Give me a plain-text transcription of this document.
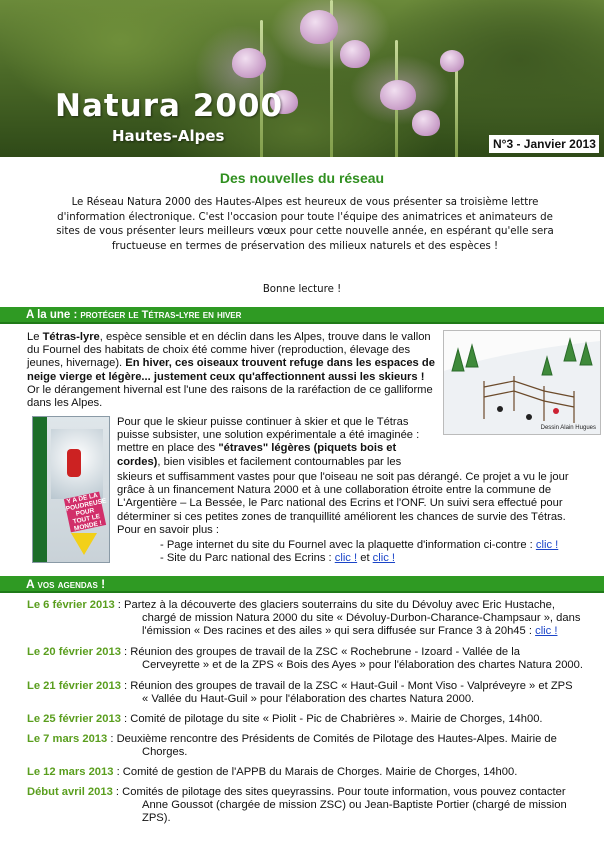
Natura 2000
Hautes-Alpes	N°3 - Janvier 2013
Des nouvelles du réseau

Le Réseau Natura 2000 des Hautes-Alpes est heureux de vous présenter sa troisième lettre d'information électronique. C'est l'occasion pour toute l'équipe des animatrices et animateurs de sites de vous présenter leurs meilleurs vœux pour cette nouvelle année, en espérant qu'elle sera fructueuse en termes de préservation des milieux naturels et des espèces !

Bonne lecture !
A la une : protéger le Tétras-lyre en hiver
Le Tétras-lyre, espèce sensible et en déclin dans les Alpes, trouve dans le vallon du Fournel des habitats de choix été comme hiver (reproduction, élevage des jeunes, hivernage). En hiver, ces oiseaux trouvent refuge dans les espaces de neige vierge et légère... justement ceux qu'affectionnent aussi les skieurs ! Or le dérangement hivernal est l'une des raisons de la raréfaction de ce galliforme dans les Alpes.
Dessin Alain Hugues
Y A DE LA POUDREUSE POUR TOUT LE MONDE !
Pour que le skieur puisse continuer à skier et que le Tétras puisse subsister, une solution expérimentale a été imaginée : mettre en place des "étraves" légères (piquets bois et cordes), bien visibles et facilement contournables par les
skieurs et suffisamment vastes pour que l'oiseau ne soit pas dérangé. Ce projet a vu le jour grâce à un financement Natura 2000 et à une collaboration étroite entre la commune de L'Argentière – La Bessée, le Parc national des Ecrins et l'ONF. Un suivi sera effectué pour déterminer si ces petites zones de tranquillité améliorent les chances de survie des Tétras. Pour en savoir plus :
- Page internet du site du Fournel avec la plaquette d'information ci-contre : clic !
- Site du Parc national des Ecrins : clic ! et clic !
A vos agendas !
Le 6 février 2013 : Partez à la découverte des glaciers souterrains du site du Dévoluy avec Eric Hustache,
chargé de mission Natura 2000 du site « Dévoluy-Durbon-Charance-Champsaur », dans
l'émission « Des racines et des ailes » qui sera diffusée sur France 3 à 20h45 : clic !
Le 20 février 2013 : Réunion des groupes de travail de la ZSC « Rochebrune - Izoard - Vallée de la
Cerveyrette » et de la ZPS « Bois des Ayes » pour l'élaboration des chartes Natura 2000.
Le 21 février 2013 : Réunion des groupes de travail de la ZSC « Haut-Guil - Mont Viso - Valpréveyre » et ZPS
« Vallée du Haut-Guil » pour l'élaboration des chartes Natura 2000.
Le 25 février 2013 : Comité de pilotage du site « Piolit - Pic de Chabrières ». Mairie de Chorges, 14h00.
Le 7 mars 2013 : Deuxième rencontre des Présidents de Comités de Pilotage des Hautes-Alpes. Mairie de
Chorges.
Le 12 mars 2013 : Comité de gestion de l'APPB du Marais de Chorges. Mairie de Chorges, 14h00.
Début avril 2013 : Comités de pilotage des sites queyrassins. Pour toute information, vous pouvez contacter
Anne Goussot (chargée de mission ZSC) ou Jean-Baptiste Portier (chargé de mission ZPS).
